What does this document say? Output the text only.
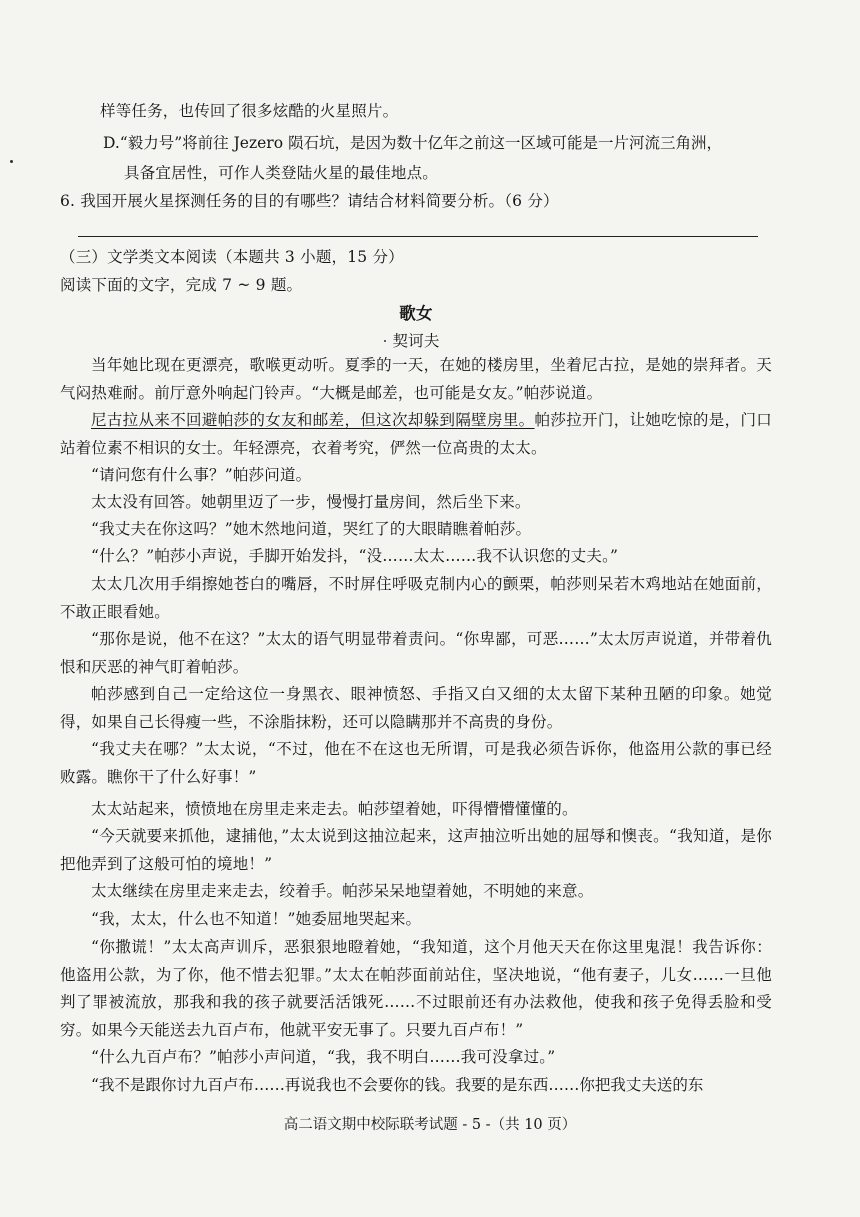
样等任务，也传回了很多炫酷的火星照片。

D.“毅力号”将前往 Jezero 陨石坑，是因为数十亿年之前这一区域可能是一片河流三角洲，

具备宜居性，可作人类登陆火星的最佳地点。

6. 我国开展火星探测任务的目的有哪些？请结合材料简要分析。（6 分）

（三）文学类文本阅读（本题共 3 小题，15 分）

阅读下面的文字，完成 7 ~ 9 题。

歌女

契诃夫

当年她比现在更漂亮，歌喉更动听。夏季的一天，在她的楼房里，坐着尼古拉，是她的崇拜者。天气闷热难耐。前厅意外响起门铃声。“大概是邮差，也可能是女友。”帕莎说道。

尼古拉从来不回避帕莎的女友和邮差，但这次却躲到隔壁房里。帕莎拉开门，让她吃惊的是，门口站着位素不相识的女士。年轻漂亮，衣着考究，俨然一位高贵的太太。

“请问您有什么事？”帕莎问道。

太太没有回答。她朝里迈了一步，慢慢打量房间，然后坐下来。

“我丈夫在你这吗？”她木然地问道，哭红了的大眼睛瞧着帕莎。

“什么？”帕莎小声说，手脚开始发抖，“没……太太……我不认识您的丈夫。”

太太几次用手绢擦她苍白的嘴唇，不时屏住呼吸克制内心的颤栗，帕莎则呆若木鸡地站在她面前，不敢正眼看她。

“那你是说，他不在这？”太太的语气明显带着责问。“你卑鄙，可恶……”太太厉声说道，并带着仇恨和厌恶的神气盯着帕莎。

帕莎感到自己一定给这位一身黑衣、眼神愤怒、手指又白又细的太太留下某种丑陋的印象。她觉得，如果自己长得瘦一些，不涂脂抹粉，还可以隐瞒那并不高贵的身份。

“我丈夫在哪？”太太说，“不过，他在不在这也无所谓，可是我必须告诉你，他盗用公款的事已经败露。瞧你干了什么好事！”

太太站起来，愤愤地在房里走来走去。帕莎望着她，吓得懵懵懂懂的。

“今天就要来抓他，逮捕他，”太太说到这抽泣起来，这声抽泣听出她的屈辱和懊丧。“我知道，是你把他弄到了这般可怕的境地！”

太太继续在房里走来走去，绞着手。帕莎呆呆地望着她，不明她的来意。

“我，太太，什么也不知道！”她委屈地哭起来。

“你撒谎！”太太高声训斥，恶狠狠地瞪着她，“我知道，这个月他天天在你这里鬼混！我告诉你：他盗用公款，为了你，他不惜去犯罪。”太太在帕莎面前站住，坚决地说，“他有妻子，儿女……一旦他判了罪被流放，那我和我的孩子就要活活饿死……不过眼前还有办法救他，使我和孩子免得丢脸和受穷。如果今天能送去九百卢布，他就平安无事了。只要九百卢布！”

“什么九百卢布？”帕莎小声问道，“我，我不明白……我可没拿过。”

“我不是跟你讨九百卢布……再说我也不会要你的钱。我要的是东西……你把我丈夫送的东

高二语文期中校际联考试题 - 5 -（共 10 页）
